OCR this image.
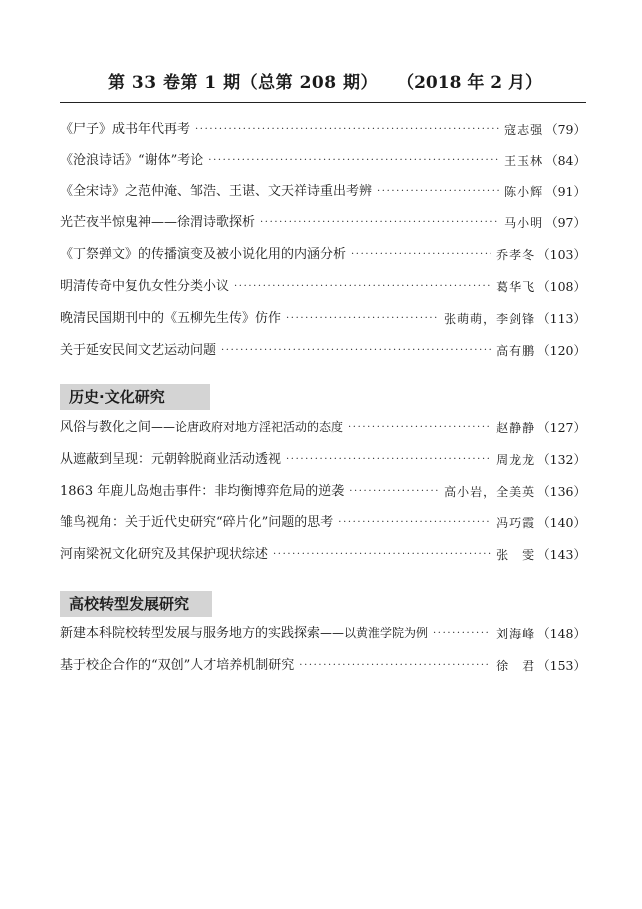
第 33 卷第 1 期（总第 208 期） （2018 年 2 月）
《尸子》成书年代再考 ·····	寇志强 （79）
《沧浪诗话》“谢体”考论 ·····	王玉林 （84）
《全宋诗》之范仲淹、邹浩、王谌、文天祥诗重出考辨 ·····	陈小辉 （91）
光芒夜半惊鬼神——徐渭诗歌探析 ·····	马小明 （97）
《丁祭弹文》的传播演变及被小说化用的内涵分析 ·····	乔孝冬 （103）
明清传奇中复仇女性分类小议 ·····	葛华飞 （108）
晚清民国期刊中的《五柳先生传》仿作 ·····	张萌萌，李剑锋 （113）
关于延安民间文艺运动问题 ·····	高有鹏 （120）
历史·文化研究
风俗与教化之间——论唐政府对地方淫祀活动的态度 ·····	赵静静 （127）
从遮蔽到呈现：元朝斡脱商业活动透视 ·····	周龙龙 （132）
1863 年鹿儿岛炮击事件：非均衡博弈危局的逆袭 ·····	高小岩，全美英 （136）
雏鸟视角：关于近代史研究“碎片化”问题的思考 ·····	冯巧霞 （140）
河南梁祝文化研究及其保护现状综述 ·····	张　雯 （143）
高校转型发展研究
新建本科院校转型发展与服务地方的实践探索——以黄淮学院为例 ·····	刘海峰 （148）
基于校企合作的“双创”人才培养机制研究 ·····	徐　君 （153）
